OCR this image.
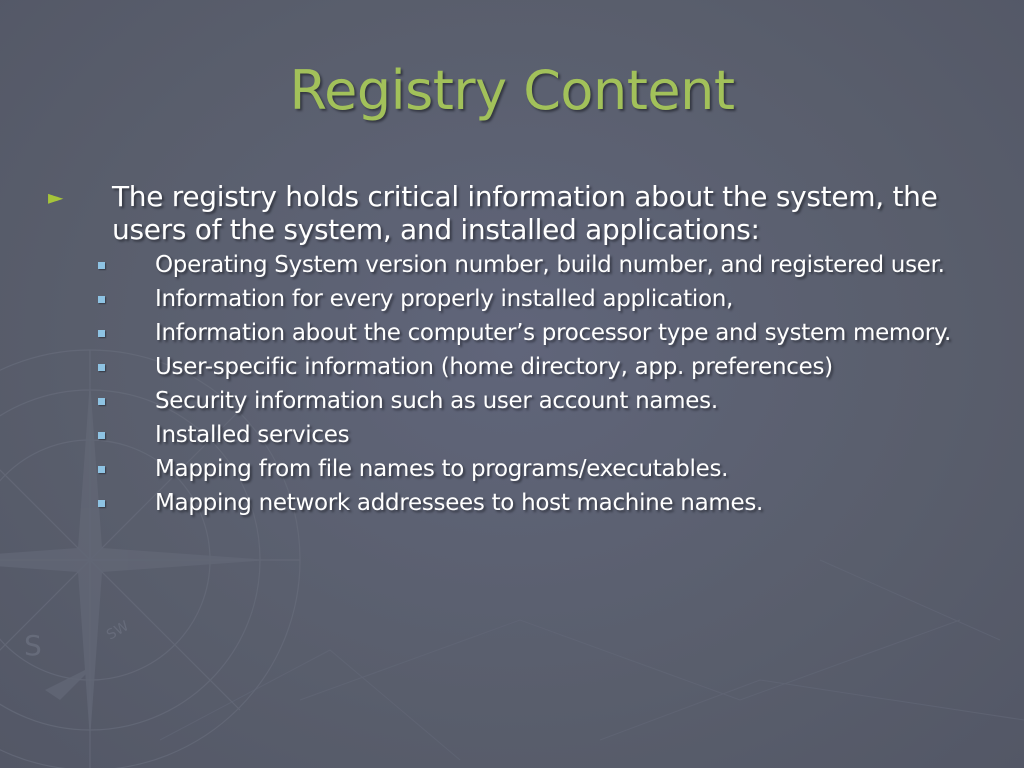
S	SW
Registry Content
► The registry holds critical information about the system, the users of the system, and installed applications:
Operating System version number, build number, and registered user.
Information for every properly installed application,
Information about the computer’s processor type and system memory.
User-specific information (home directory, app. preferences)
Security information such as user account names.
Installed services
Mapping from file names to programs/executables.
Mapping network addressees to host machine names.
